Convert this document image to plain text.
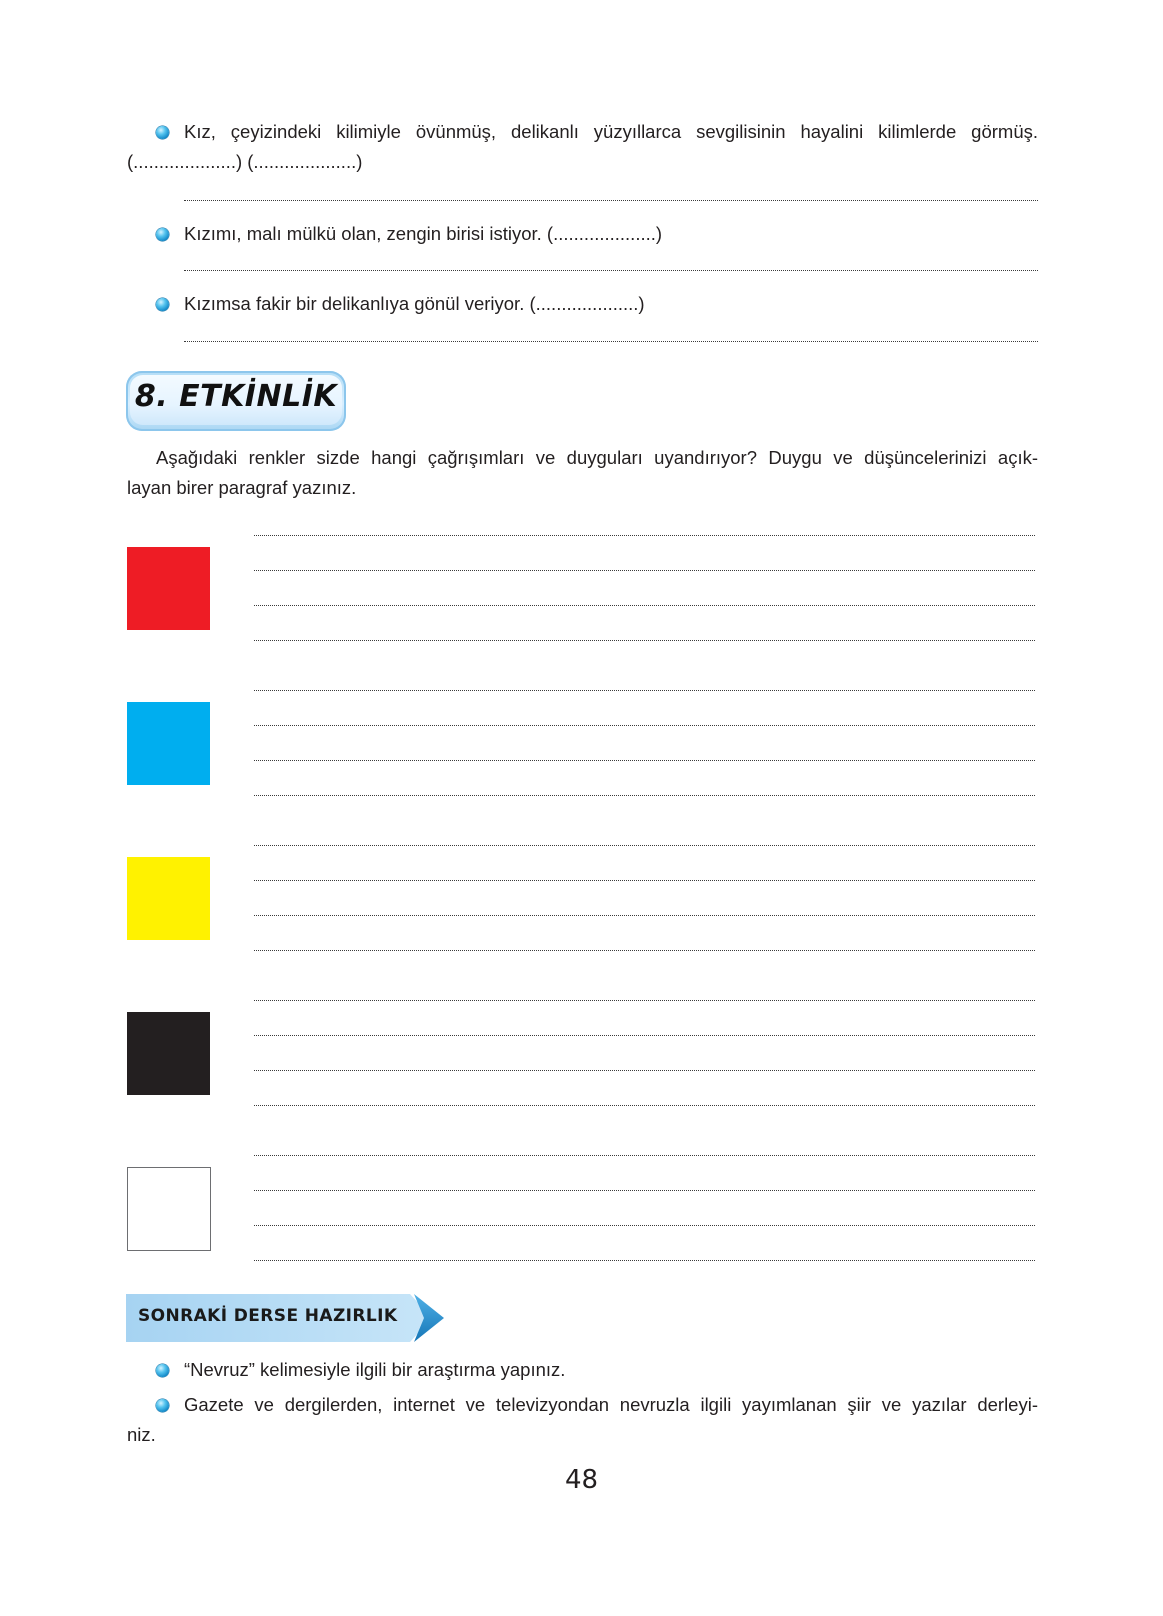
Kız, çeyizindeki kilimiyle övünmüş, delikanlı yüzyıllarca sevgilisinin hayalini kilimlerde görmüş.
(....................) (....................)
Kızımı, malı mülkü olan, zengin birisi istiyor. (....................)
Kızımsa fakir bir delikanlıya gönül veriyor. (....................)
8. ETKİNLİK
Aşağıdaki renkler sizde hangi çağrışımları ve duyguları uyandırıyor? Duygu ve düşüncelerinizi açık-
layan birer paragraf yazınız.
SONRAKİ DERSE HAZIRLIK
“Nevruz” kelimesiyle ilgili bir araştırma yapınız.
Gazete ve dergilerden, internet ve televizyondan nevruzla ilgili yayımlanan şiir ve yazılar derleyi-
niz.
48
